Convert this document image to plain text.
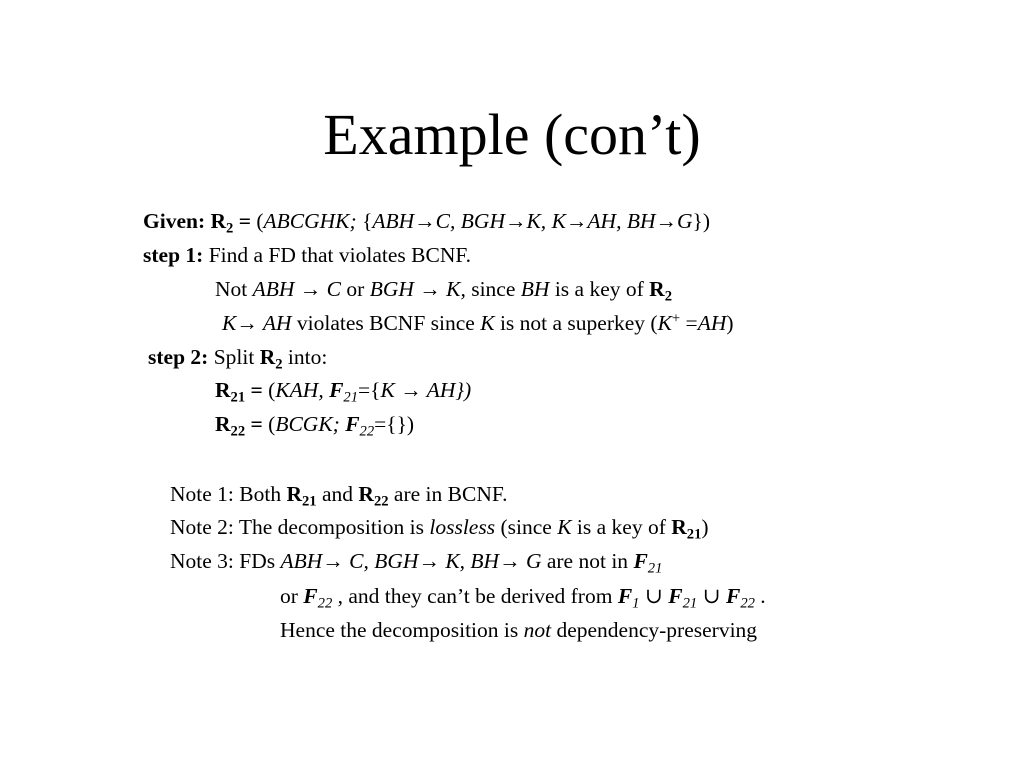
Example (con’t)
Given: $R_2$ = (ABCGHK; {ABH→C, BGH→K, K→AH, BH→G})
step 1: Find a FD that violates BCNF.
Not ABH → C or BGH → K, since BH is a key of $R_2$
K→ AH violates BCNF since K is not a superkey (K+ =AH)
step 2: Split $R_2$ into:
$R_{21} = (KAH$, $F_{21}=\{K \to AH\}$)
$R_{22}$ = (BCGK; $F_{22}=\{\}$)
Note 1: Both $R_{21}$ and $R_{22}$ are in BCNF.
Note 2: The decomposition is lossless (since K is a key of $R_{21}$)
Note 3: FDs ABH→ C, BGH→ K, BH→ G are not in $F_{21}$
or $F_{22}$ , and they can’t be derived from $F_1$ ∪ $F_{21}$ ∪ $F_{22}$ .
Hence the decomposition is not dependency-preserving
